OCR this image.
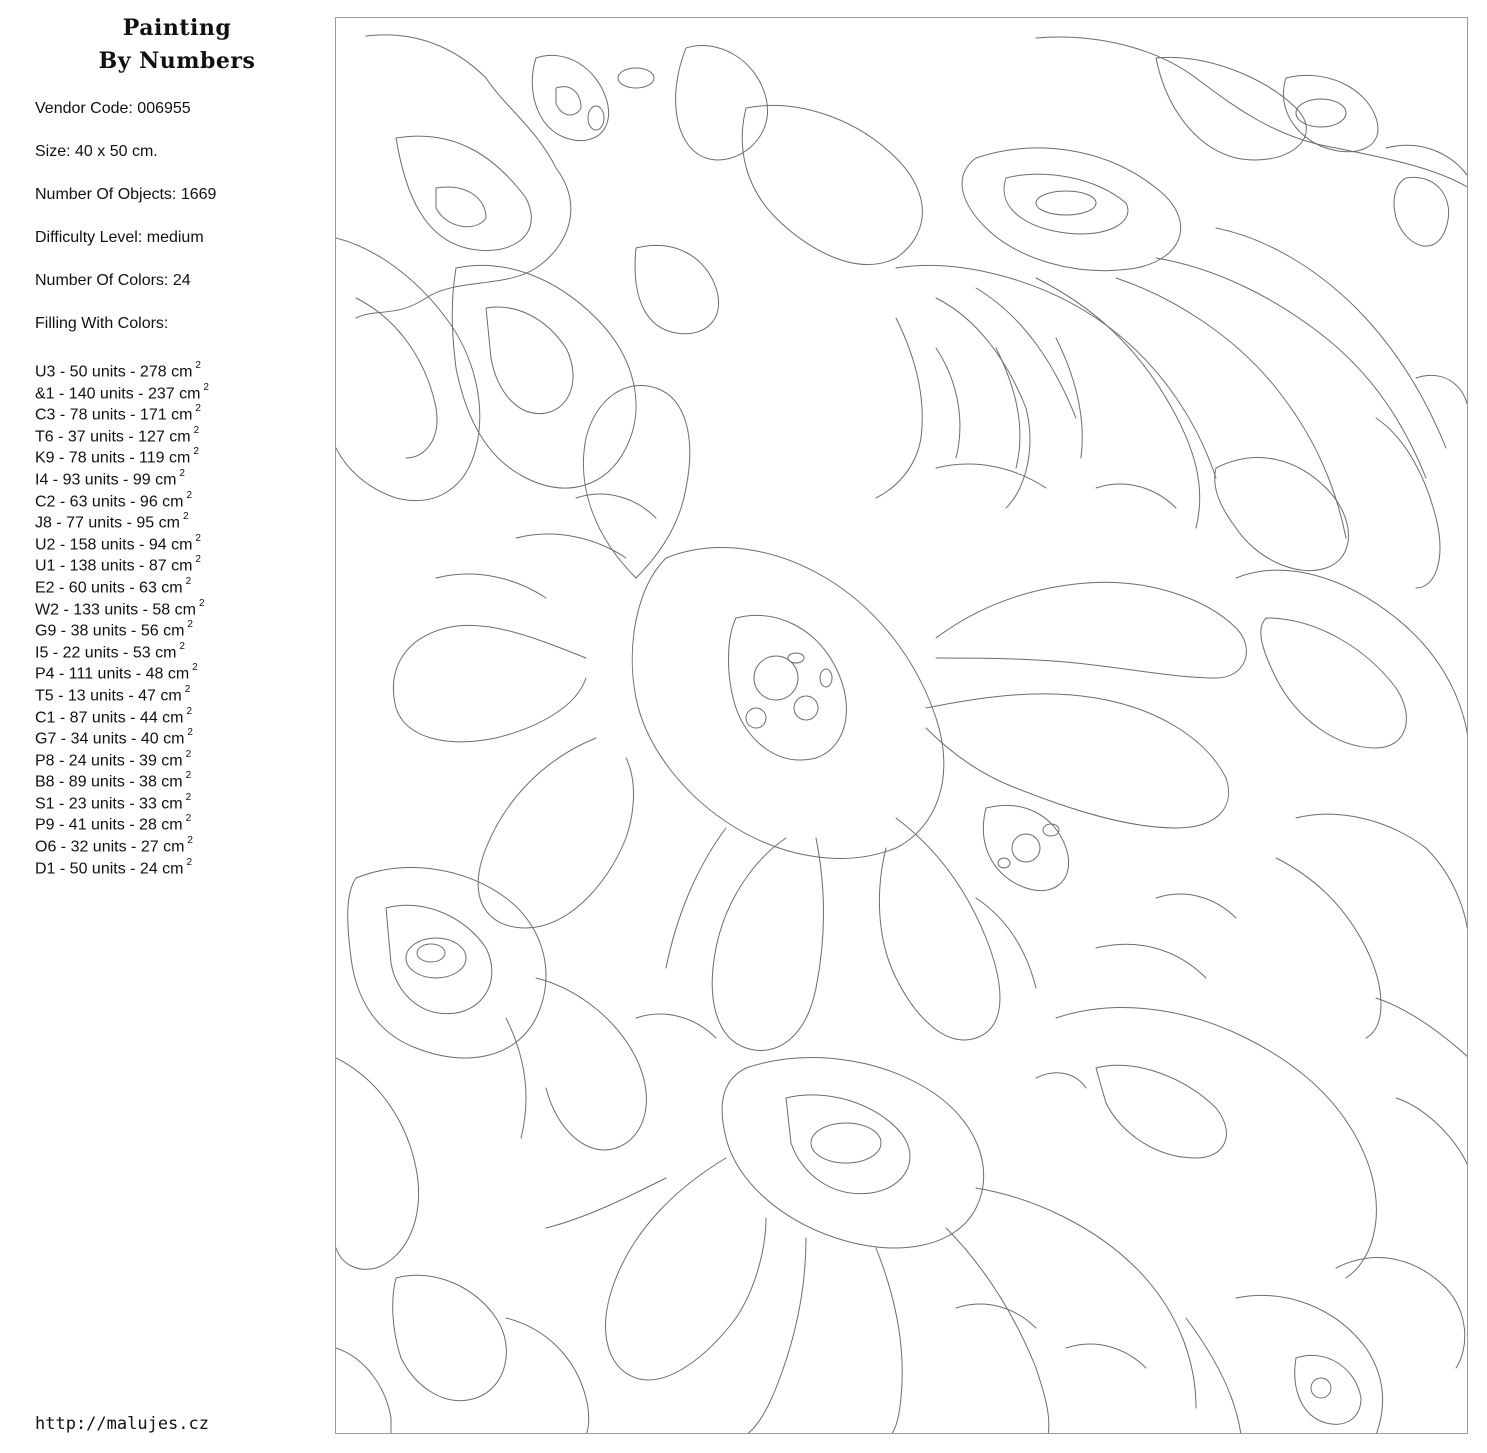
Painting
By Numbers
Vendor Code: 006955
Size: 40 x 50 cm.
Number Of Objects: 1669
Difficulty Level: medium
Number Of Colors: 24
Filling With Colors:
U3 - 50 units - 278 cm $^2$
&1 - 140 units - 237 cm $^2$
C3 - 78 units - 171 cm $^2$
T6 - 37 units - 127 cm $^2$
K9 - 78 units - 119 cm $^2$
I4 - 93 units - 99 cm $^2$
C2 - 63 units - 96 cm $^2$
J8 - 77 units - 95 cm $^2$
U2 - 158 units - 94 cm $^2$
U1 - 138 units - 87 cm $^2$
E2 - 60 units - 63 cm $^2$
W2 - 133 units - 58 cm $^2$
G9 - 38 units - 56 cm $^2$
I5 - 22 units - 53 cm $^2$
P4 - 111 units - 48 cm $^2$
T5 - 13 units - 47 cm $^2$
C1 - 87 units - 44 cm $^2$
G7 - 34 units - 40 cm $^2$
P8 - 24 units - 39 cm $^2$
B8 - 89 units - 38 cm $^2$
S1 - 23 units - 33 cm $^2$
P9 - 41 units - 28 cm $^2$
O6 - 32 units - 27 cm $^2$
D1 - 50 units - 24 cm $^2$
http://malujes.cz
